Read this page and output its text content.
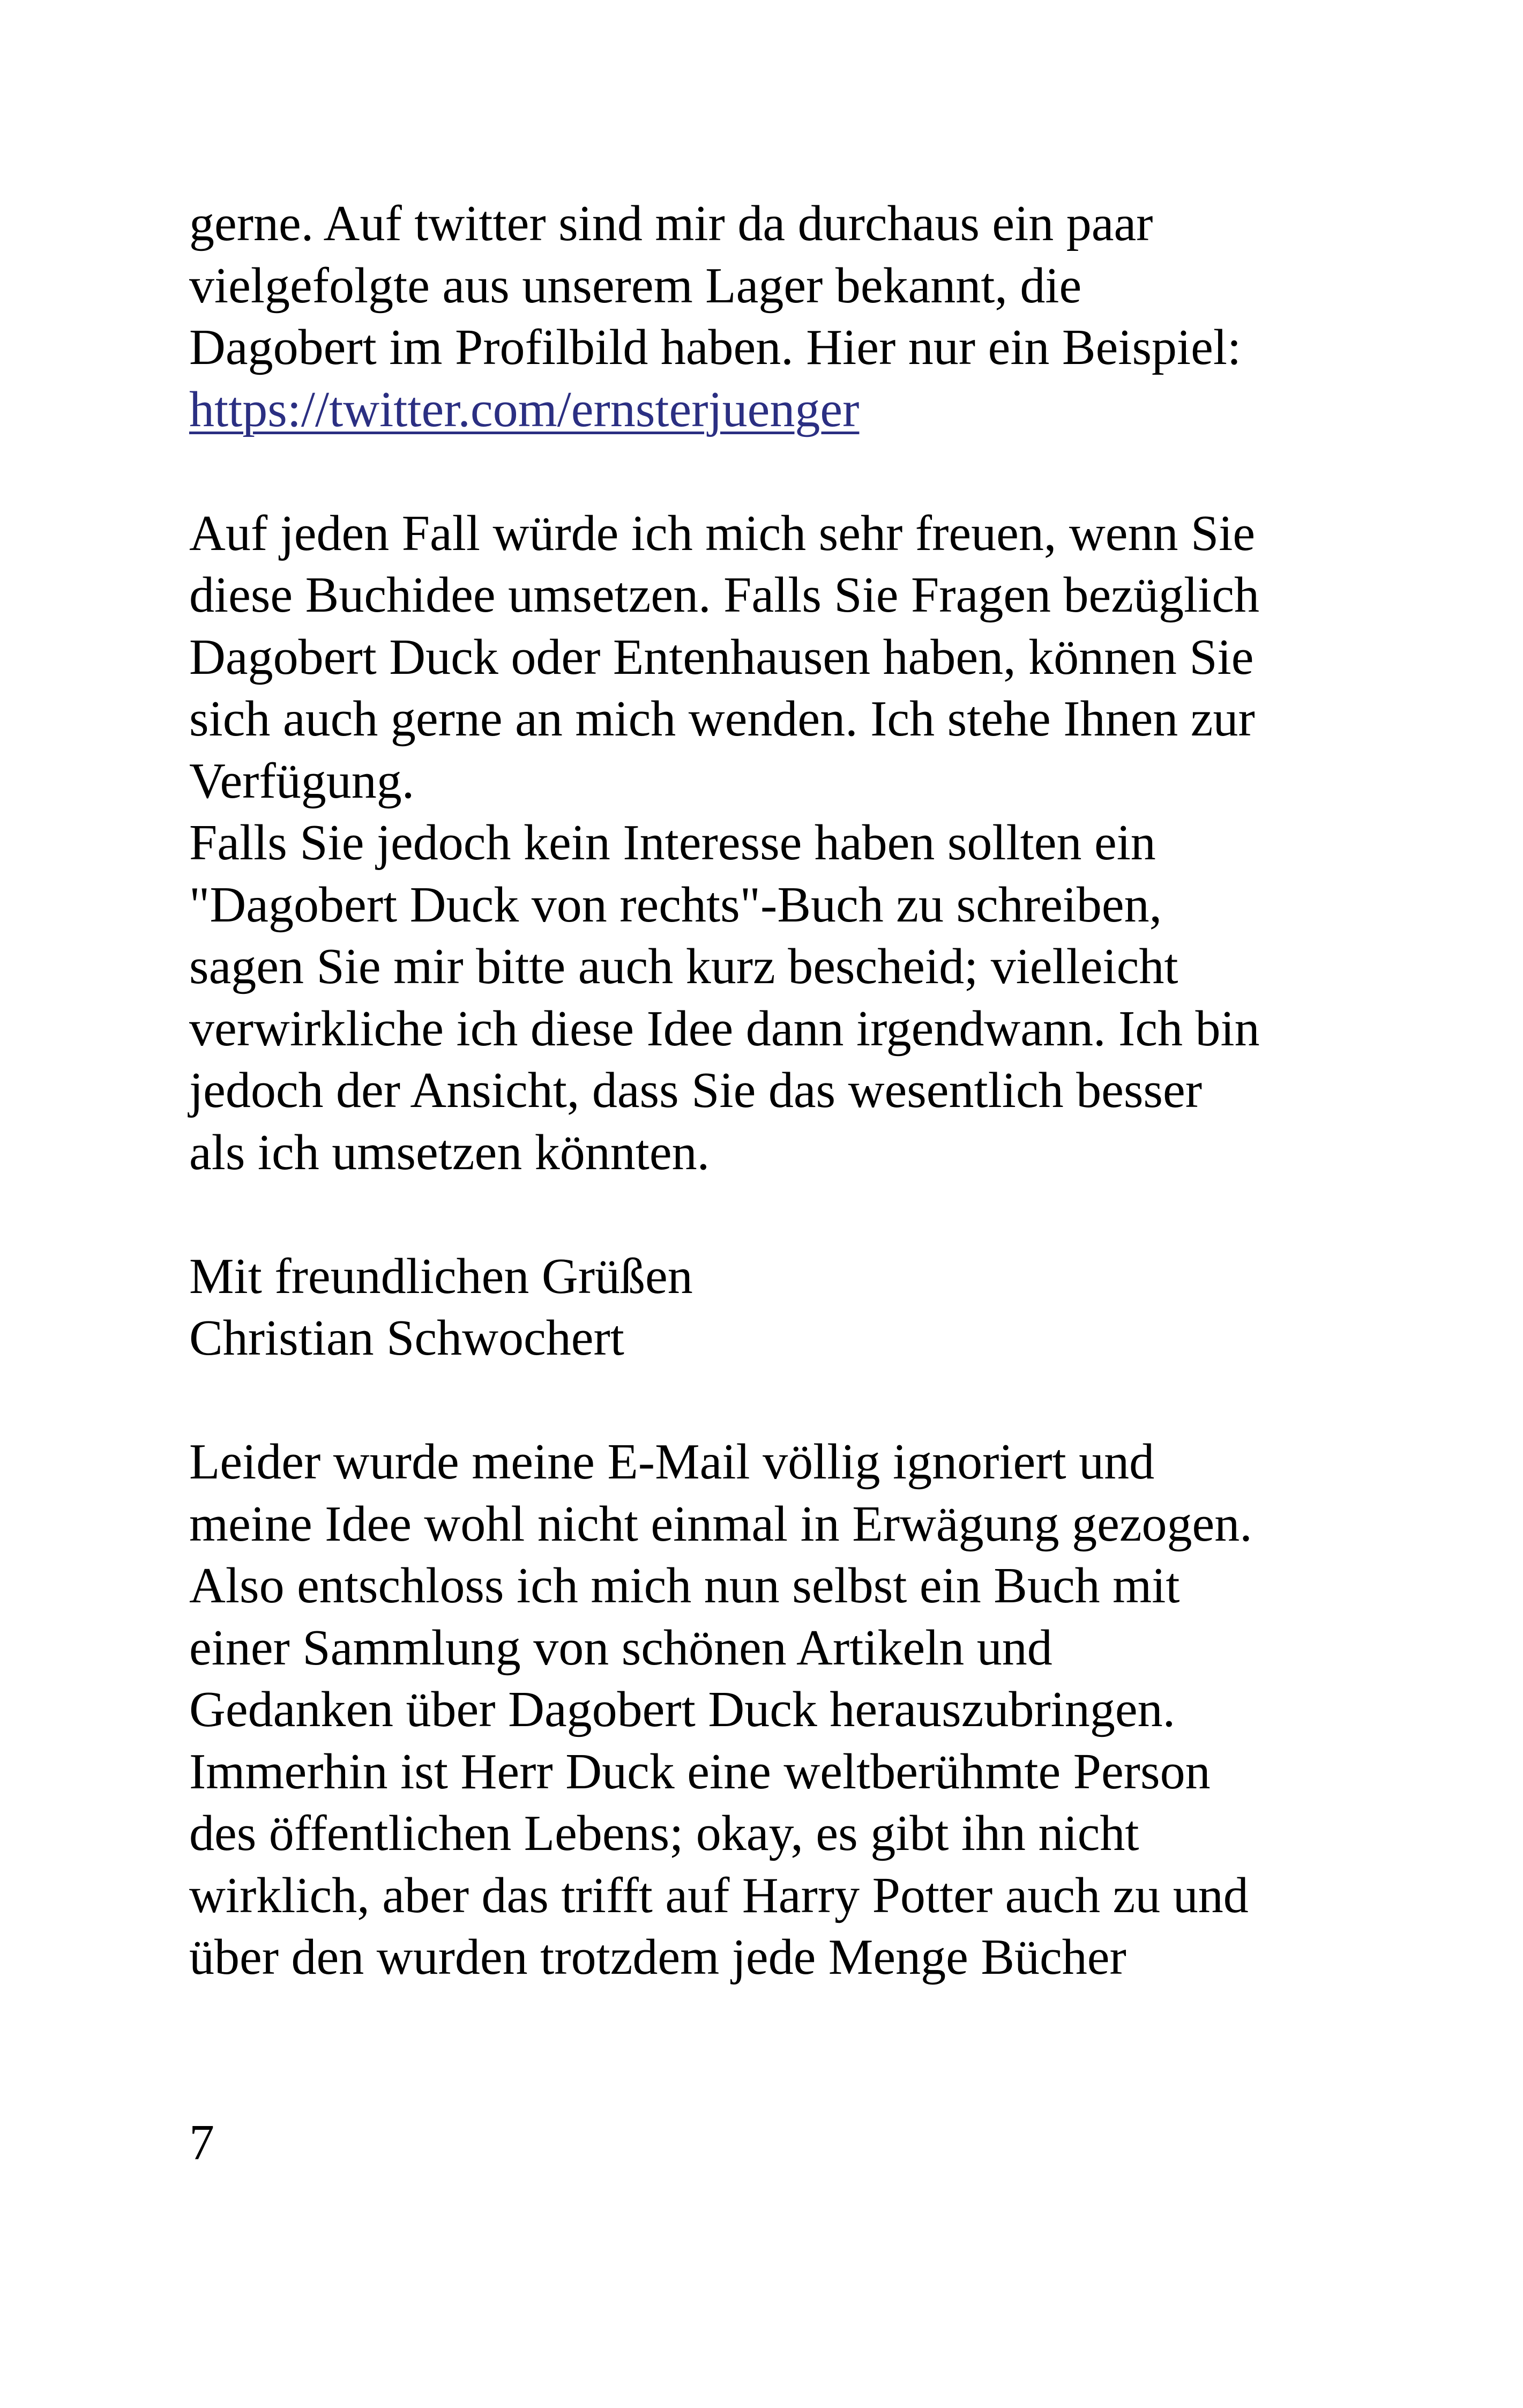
gerne. Auf twitter sind mir da durchaus ein paar
vielgefolgte aus unserem Lager bekannt, die
Dagobert im Profilbild haben. Hier nur ein Beispiel:
https://twitter.com/ernsterjuenger
Auf jeden Fall würde ich mich sehr freuen, wenn Sie
diese Buchidee umsetzen. Falls Sie Fragen bezüglich
Dagobert Duck oder Entenhausen haben, können Sie
sich auch gerne an mich wenden. Ich stehe Ihnen zur
Verfügung.
Falls Sie jedoch kein Interesse haben sollten ein
"Dagobert Duck von rechts"-Buch zu schreiben,
sagen Sie mir bitte auch kurz bescheid; vielleicht
verwirkliche ich diese Idee dann irgendwann. Ich bin
jedoch der Ansicht, dass Sie das wesentlich besser
als ich umsetzen könnten.
Mit freundlichen Grüßen
Christian Schwochert
Leider wurde meine E-Mail völlig ignoriert und
meine Idee wohl nicht einmal in Erwägung gezogen.
Also entschloss ich mich nun selbst ein Buch mit
einer Sammlung von schönen Artikeln und
Gedanken über Dagobert Duck herauszubringen.
Immerhin ist Herr Duck eine weltberühmte Person
des öffentlichen Lebens; okay, es gibt ihn nicht
wirklich, aber das trifft auf Harry Potter auch zu und
über den wurden trotzdem jede Menge Bücher
7
